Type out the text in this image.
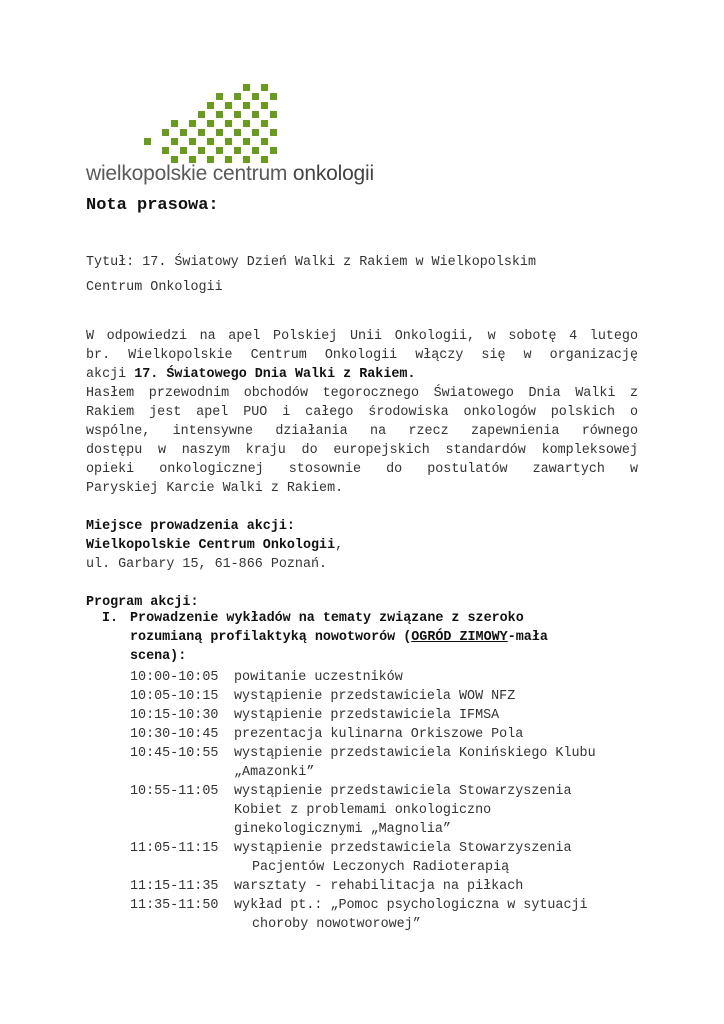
wielkopolskie centrum onkologii
Nota prasowa:
Tytuł: 17. Światowy Dzień Walki z Rakiem w Wielkopolskim
Centrum Onkologii
W odpowiedzi na apel Polskiej Unii Onkologii, w sobotę 4 lutego
br. Wielkopolskie Centrum Onkologii włączy się w organizację
akcji 17. Światowego Dnia Walki z Rakiem.
Hasłem przewodnim obchodów tegorocznego Światowego Dnia Walki z
Rakiem jest apel PUO i całego środowiska onkologów polskich o
wspólne, intensywne działania na rzecz zapewnienia równego
dostępu w naszym kraju do europejskich standardów kompleksowej
opieki onkologicznej stosownie do postulatów zawartych w
Paryskiej Karcie Walki z Rakiem.
Miejsce prowadzenia akcji:
Wielkopolskie Centrum Onkologii,
ul. Garbary 15, 61-866 Poznań.
Program akcji:
I. Prowadzenie wykładów na tematy związane z szeroko
rozumianą profilaktyką nowotworów (OGRÓD ZIMOWY-mała
scena):
10:00-10:05 powitanie uczestników
10:05-10:15 wystąpienie przedstawiciela WOW NFZ
10:15-10:30 wystąpienie przedstawiciela IFMSA
10:30-10:45 prezentacja kulinarna Orkiszowe Pola
10:45-10:55 wystąpienie przedstawiciela Konińskiego Klubu
„Amazonki”
10:55-11:05 wystąpienie przedstawiciela Stowarzyszenia
Kobiet z problemami onkologiczno
ginekologicznymi „Magnolia”
11:05-11:15 wystąpienie przedstawiciela Stowarzyszenia
Pacjentów Leczonych Radioterapią
11:15-11:35 warsztaty - rehabilitacja na piłkach
11:35-11:50 wykład pt.: „Pomoc psychologiczna w sytuacji
choroby nowotworowej”
